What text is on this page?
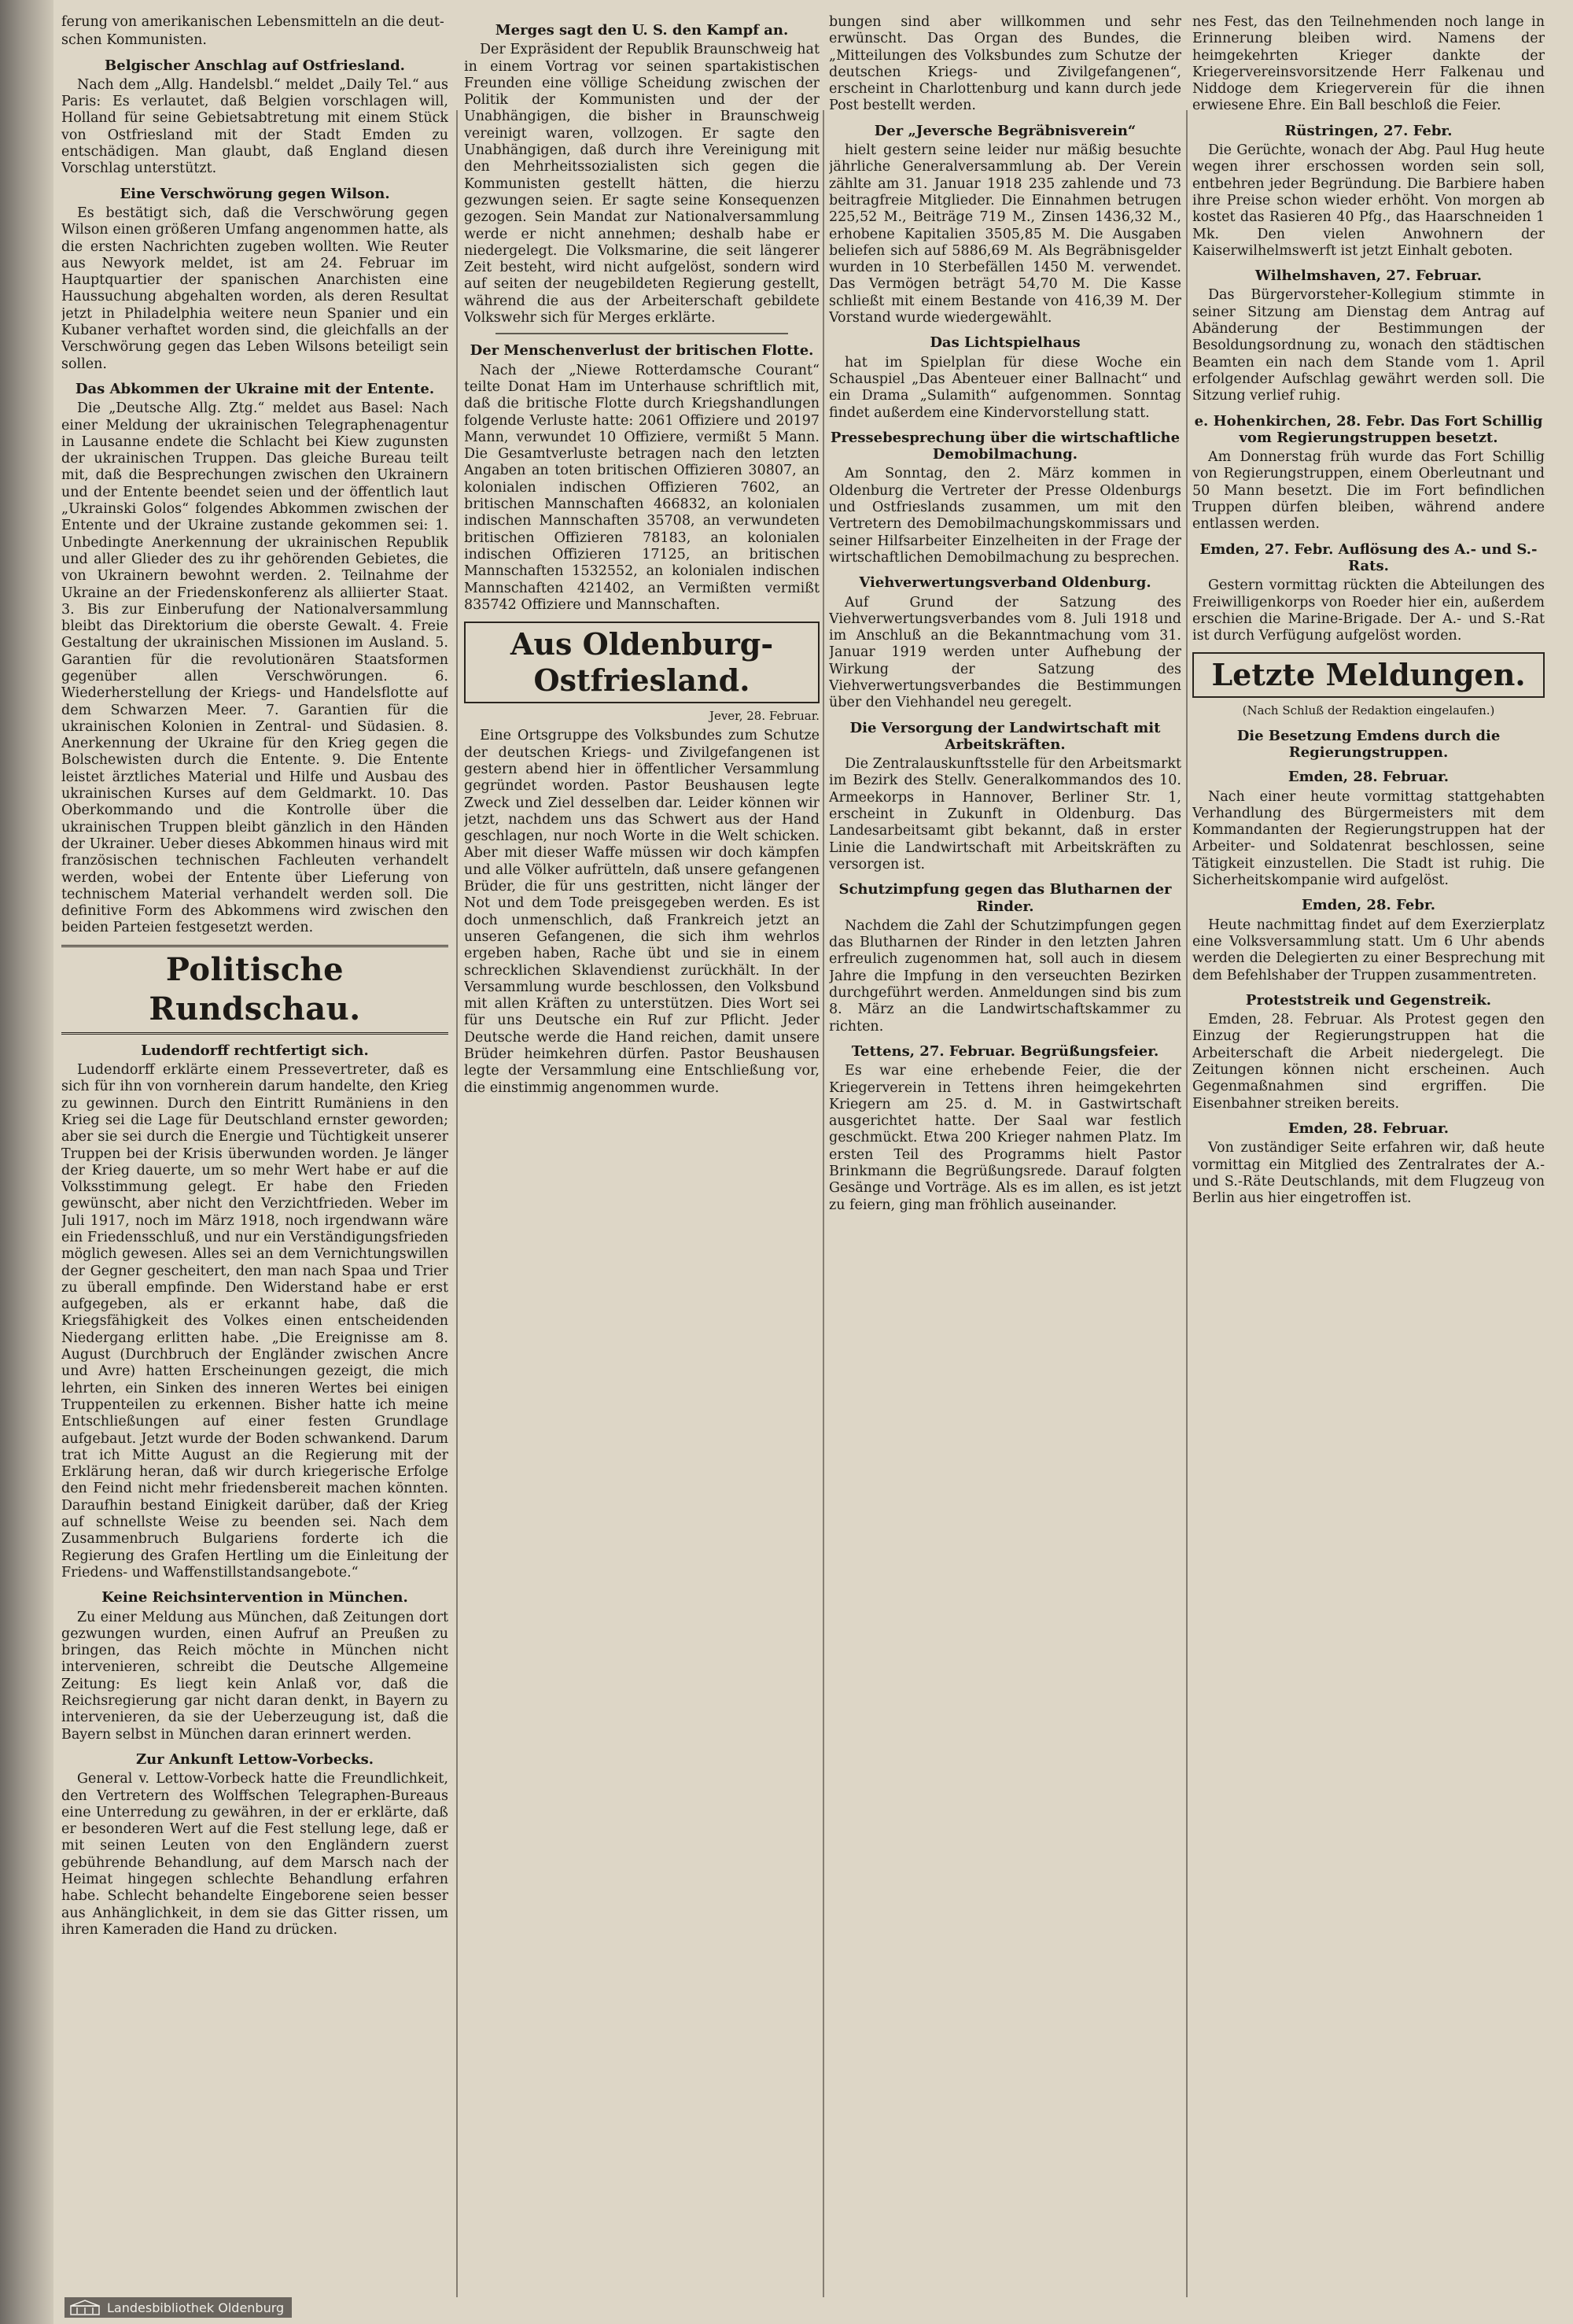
ferung von amerikanischen Lebensmitteln an die deut-

schen Kommunisten.

Belgischer Anschlag auf Ostfriesland.

Nach dem „Allg. Handelsbl.“ meldet „Daily Tel.“ aus Paris: Es verlautet, daß Belgien vorschlagen will, Holland für seine Gebietsabtretung mit einem Stück von Ostfriesland mit der Stadt Emden zu entschädigen. Man glaubt, daß England diesen Vorschlag unterstützt.

Eine Verschwörung gegen Wilson.

Es bestätigt sich, daß die Verschwörung gegen Wilson einen größeren Umfang angenommen hatte, als die ersten Nachrichten zugeben wollten. Wie Reuter aus Newyork meldet, ist am 24. Februar im Hauptquartier der spanischen Anarchisten eine Haussuchung abgehalten worden, als deren Resultat jetzt in Philadelphia weitere neun Spanier und ein Kubaner verhaftet worden sind, die gleichfalls an der Verschwörung gegen das Leben Wilsons beteiligt sein sollen.

Das Abkommen der Ukraine mit der Entente.

Die „Deutsche Allg. Ztg.“ meldet aus Basel: Nach einer Meldung der ukrainischen Telegraphenagentur in Lausanne endete die Schlacht bei Kiew zugunsten der ukrainischen Truppen. Das gleiche Bureau teilt mit, daß die Besprechungen zwischen den Ukrainern und der Entente beendet seien und der öffentlich laut „Ukrainski Golos“ folgendes Abkommen zwischen der Entente und der Ukraine zustande gekommen sei: 1. Unbedingte Anerkennung der ukrainischen Republik und aller Glieder des zu ihr gehörenden Gebietes, die von Ukrainern bewohnt werden. 2. Teilnahme der Ukraine an der Friedenskonferenz als alliierter Staat. 3. Bis zur Einberufung der Nationalversammlung bleibt das Direktorium die oberste Gewalt. 4. Freie Gestaltung der ukrainischen Missionen im Ausland. 5. Garantien für die revolutionären Staatsformen gegenüber allen Verschwörungen. 6. Wiederherstellung der Kriegs- und Handelsflotte auf dem Schwarzen Meer. 7. Garantien für die ukrainischen Kolonien in Zentral- und Südasien. 8. Anerkennung der Ukraine für den Krieg gegen die Bolschewisten durch die Entente. 9. Die Entente leistet ärztliches Material und Hilfe und Ausbau des ukrainischen Kurses auf dem Geldmarkt. 10. Das Oberkommando und die Kontrolle über die ukrainischen Truppen bleibt gänzlich in den Händen der Ukrainer. Ueber dieses Abkommen hinaus wird mit französischen technischen Fachleuten verhandelt werden, wobei der Entente über Lieferung von technischem Material verhandelt werden soll. Die definitive Form des Abkommens wird zwischen den beiden Parteien festgesetzt werden.

Politische Rundschau.
Ludendorff rechtfertigt sich.

Ludendorff erklärte einem Pressevertreter, daß es sich für ihn von vornherein darum handelte, den Krieg zu gewinnen. Durch den Eintritt Rumäniens in den Krieg sei die Lage für Deutschland ernster geworden; aber sie sei durch die Energie und Tüchtigkeit unserer Truppen bei der Krisis überwunden worden. Je länger der Krieg dauerte, um so mehr Wert habe er auf die Volksstimmung gelegt. Er habe den Frieden gewünscht, aber nicht den Verzichtfrieden. Weber im Juli 1917, noch im März 1918, noch irgendwann wäre ein Friedensschluß, und nur ein Verständigungsfrieden möglich gewesen. Alles sei an dem Vernichtungswillen der Gegner gescheitert, den man nach Spaa und Trier zu überall empfinde. Den Widerstand habe er erst aufgegeben, als er erkannt habe, daß die Kriegsfähigkeit des Volkes einen entscheidenden Niedergang erlitten habe. „Die Ereignisse am 8. August (Durchbruch der Engländer zwischen Ancre und Avre) hatten Erscheinungen gezeigt, die mich lehrten, ein Sinken des inneren Wertes bei einigen Truppenteilen zu erkennen. Bisher hatte ich meine Entschließungen auf einer festen Grundlage aufgebaut. Jetzt wurde der Boden schwankend. Darum trat ich Mitte August an die Regierung mit der Erklärung heran, daß wir durch kriegerische Erfolge den Feind nicht mehr friedensbereit machen könnten. Daraufhin bestand Einigkeit darüber, daß der Krieg auf schnellste Weise zu beenden sei. Nach dem Zusammenbruch Bulgariens forderte ich die Regierung des Grafen Hertling um die Einleitung der Friedens- und Waffenstillstandsangebote.“

Keine Reichsintervention in München.

Zu einer Meldung aus München, daß Zeitungen dort gezwungen wurden, einen Aufruf an Preußen zu bringen, das Reich möchte in München nicht intervenieren, schreibt die Deutsche Allgemeine Zeitung: Es liegt kein Anlaß vor, daß die Reichsregierung gar nicht daran denkt, in Bayern zu intervenieren, da sie der Ueberzeugung ist, daß die Bayern selbst in München daran erinnert werden.

Zur Ankunft Lettow-Vorbecks.

General v. Lettow-Vorbeck hatte die Freundlichkeit, den Vertretern des Wolffschen Telegraphen-Bureaus eine Unterredung zu gewähren, in der er erklärte, daß er besonderen Wert auf die Fest stellung lege, daß er mit seinen Leuten von den Engländern zuerst gebührende Behandlung, auf dem Marsch nach der Heimat hingegen schlechte Behandlung erfahren habe. Schlecht behandelte Eingeborene seien besser aus Anhänglichkeit, in dem sie das Gitter rissen, um ihren Kameraden die Hand zu drücken.

Merges sagt den U. S. den Kampf an.

Der Expräsident der Republik Braunschweig hat in einem Vortrag vor seinen spartakistischen Freunden eine völlige Scheidung zwischen der Politik der Kommunisten und der der Unabhängigen, die bisher in Braunschweig vereinigt waren, vollzogen. Er sagte den Unabhängigen, daß durch ihre Vereinigung mit den Mehrheitssozialisten sich gegen die Kommunisten gestellt hätten, die hierzu gezwungen seien. Er sagte seine Konsequenzen gezogen. Sein Mandat zur Nationalversammlung werde er nicht annehmen; deshalb habe er niedergelegt. Die Volksmarine, die seit längerer Zeit besteht, wird nicht aufgelöst, sondern wird auf seiten der neugebildeten Regierung gestellt, während die aus der Arbeiterschaft gebildete Volkswehr sich für Merges erklärte.

Der Menschenverlust der britischen Flotte.

Nach der „Niewe Rotterdamsche Courant“ teilte Donat Ham im Unterhause schriftlich mit, daß die britische Flotte durch Kriegshandlungen folgende Verluste hatte: 2061 Offiziere und 20197 Mann, verwundet 10 Offiziere, vermißt 5 Mann. Die Gesamtverluste betragen nach den letzten Angaben an toten britischen Offizieren 30807, an kolonialen indischen Offizieren 7602, an britischen Mannschaften 466832, an kolonialen indischen Mannschaften 35708, an verwundeten britischen Offizieren 78183, an kolonialen indischen Offizieren 17125, an britischen Mannschaften 1532552, an kolonialen indischen Mannschaften 421402, an Vermißten vermißt 835742 Offiziere und Mannschaften.

Aus Oldenburg-Ostfriesland.
Jever, 28. Februar.

Eine Ortsgruppe des Volksbundes zum Schutze der deutschen Kriegs- und Zivilgefangenen ist gestern abend hier in öffentlicher Versammlung gegründet worden. Pastor Beushausen legte Zweck und Ziel desselben dar. Leider können wir jetzt, nachdem uns das Schwert aus der Hand geschlagen, nur noch Worte in die Welt schicken. Aber mit dieser Waffe müssen wir doch kämpfen und alle Völker aufrütteln, daß unsere gefangenen Brüder, die für uns gestritten, nicht länger der Not und dem Tode preisgegeben werden. Es ist doch unmenschlich, daß Frankreich jetzt an unseren Gefangenen, die sich ihm wehrlos ergeben haben, Rache übt und sie in einem schrecklichen Sklavendienst zurückhält. In der Versammlung wurde beschlossen, den Volksbund mit allen Kräften zu unterstützen. Dies Wort sei für uns Deutsche ein Ruf zur Pflicht. Jeder Deutsche werde die Hand reichen, damit unsere Brüder heimkehren dürfen. Pastor Beushausen legte der Versammlung eine Entschließung vor, die einstimmig angenommen wurde.

bungen sind aber willkommen und sehr erwünscht. Das Organ des Bundes, die „Mitteilungen des Volksbundes zum Schutze der deutschen Kriegs- und Zivilgefangenen“, erscheint in Charlottenburg und kann durch jede Post bestellt werden.

Der „Jeversche Begräbnisverein“

hielt gestern seine leider nur mäßig besuchte jährliche Generalversammlung ab. Der Verein zählte am 31. Januar 1918 235 zahlende und 73 beitragfreie Mitglieder. Die Einnahmen betrugen 225,52 M., Beiträge 719 M., Zinsen 1436,32 M., erhobene Kapitalien 3505,85 M. Die Ausgaben beliefen sich auf 5886,69 M. Als Begräbnisgelder wurden in 10 Sterbefällen 1450 M. verwendet. Das Vermögen beträgt 54,70 M. Die Kasse schließt mit einem Bestande von 416,39 M. Der Vorstand wurde wiedergewählt.

Das Lichtspielhaus

hat im Spielplan für diese Woche ein Schauspiel „Das Abenteuer einer Ballnacht“ und ein Drama „Sulamith“ aufgenommen. Sonntag findet außerdem eine Kindervorstellung statt.

Pressebesprechung über die wirtschaftliche Demobilmachung.

Am Sonntag, den 2. März kommen in Oldenburg die Vertreter der Presse Oldenburgs und Ostfrieslands zusammen, um mit den Vertretern des Demobilmachungskommissars und seiner Hilfsarbeiter Einzelheiten in der Frage der wirtschaftlichen Demobilmachung zu besprechen.

Viehverwertungsverband Oldenburg.

Auf Grund der Satzung des Viehverwertungsverbandes vom 8. Juli 1918 und im Anschluß an die Bekanntmachung vom 31. Januar 1919 werden unter Aufhebung der Wirkung der Satzung des Viehverwertungsverbandes die Bestimmungen über den Viehhandel neu geregelt.

Die Versorgung der Landwirtschaft mit Arbeitskräften.

Die Zentralauskunftsstelle für den Arbeitsmarkt im Bezirk des Stellv. Generalkommandos des 10. Armeekorps in Hannover, Berliner Str. 1, erscheint in Zukunft in Oldenburg. Das Landesarbeitsamt gibt bekannt, daß in erster Linie die Landwirtschaft mit Arbeitskräften zu versorgen ist.

Schutzimpfung gegen das Blutharnen der Rinder.

Nachdem die Zahl der Schutzimpfungen gegen das Blutharnen der Rinder in den letzten Jahren erfreulich zugenommen hat, soll auch in diesem Jahre die Impfung in den verseuchten Bezirken durchgeführt werden. Anmeldungen sind bis zum 8. März an die Landwirtschaftskammer zu richten.

Tettens, 27. Februar. Begrüßungsfeier.

Es war eine erhebende Feier, die der Kriegerverein in Tettens ihren heimgekehrten Kriegern am 25. d. M. in Gastwirtschaft ausgerichtet hatte. Der Saal war festlich geschmückt. Etwa 200 Krieger nahmen Platz. Im ersten Teil des Programms hielt Pastor Brinkmann die Begrüßungsrede. Darauf folgten Gesänge und Vorträge. Als es im allen, es ist jetzt zu feiern, ging man fröhlich auseinander.

nes Fest, das den Teilnehmenden noch lange in Erinnerung bleiben wird. Namens der heimgekehrten Krieger dankte der Kriegervereinsvorsitzende Herr Falkenau und Niddoge dem Kriegerverein für die ihnen erwiesene Ehre. Ein Ball beschloß die Feier.

Rüstringen, 27. Febr.

Die Gerüchte, wonach der Abg. Paul Hug heute wegen ihrer erschossen worden sein soll, entbehren jeder Begründung. Die Barbiere haben ihre Preise schon wieder erhöht. Von morgen ab kostet das Rasieren 40 Pfg., das Haarschneiden 1 Mk. Den vielen Anwohnern der Kaiserwilhelmswerft ist jetzt Einhalt geboten.

Wilhelmshaven, 27. Februar.

Das Bürgervorsteher-Kollegium stimmte in seiner Sitzung am Dienstag dem Antrag auf Abänderung der Bestimmungen der Besoldungsordnung zu, wonach den städtischen Beamten ein nach dem Stande vom 1. April erfolgender Aufschlag gewährt werden soll. Die Sitzung verlief ruhig.

e. Hohenkirchen, 28. Febr. Das Fort Schillig vom Regierungstruppen besetzt.

Am Donnerstag früh wurde das Fort Schillig von Regierungstruppen, einem Oberleutnant und 50 Mann besetzt. Die im Fort befindlichen Truppen dürfen bleiben, während andere entlassen werden.

Emden, 27. Febr. Auflösung des A.- und S.-Rats.

Gestern vormittag rückten die Abteilungen des Freiwilligenkorps von Roeder hier ein, außerdem erschien die Marine-Brigade. Der A.- und S.-Rat ist durch Verfügung aufgelöst worden.

Letzte Meldungen.
(Nach Schluß der Redaktion eingelaufen.)
Die Besetzung Emdens durch die Regierungstruppen.
Emden, 28. Februar.

Nach einer heute vormittag stattgehabten Verhandlung des Bürgermeisters mit dem Kommandanten der Regierungstruppen hat der Arbeiter- und Soldatenrat beschlossen, seine Tätigkeit einzustellen. Die Stadt ist ruhig. Die Sicherheitskompanie wird aufgelöst.

Emden, 28. Febr.

Heute nachmittag findet auf dem Exerzierplatz eine Volksversammlung statt. Um 6 Uhr abends werden die Delegierten zu einer Besprechung mit dem Befehlshaber der Truppen zusammentreten.

Proteststreik und Gegenstreik.

Emden, 28. Februar. Als Protest gegen den Einzug der Regierungstruppen hat die Arbeiterschaft die Arbeit niedergelegt. Die Zeitungen können nicht erscheinen. Auch Gegenmaßnahmen sind ergriffen. Die Eisenbahner streiken bereits.

Emden, 28. Februar.

Von zuständiger Seite erfahren wir, daß heute vormittag ein Mitglied des Zentralrates der A.- und S.-Räte Deutschlands, mit dem Flugzeug von Berlin aus hier eingetroffen ist.

Landesbibliothek Oldenburg
